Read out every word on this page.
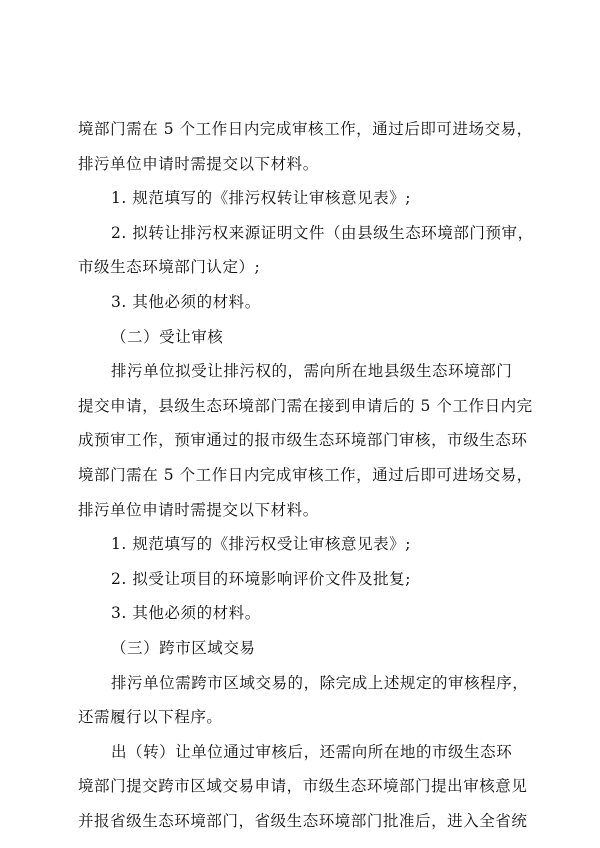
境部门需在 5 个工作日内完成审核工作，通过后即可进场交易，
排污单位申请时需提交以下材料。
1. 规范填写的《排污权转让审核意见表》;
2. 拟转让排污权来源证明文件（由县级生态环境部门预审，
市级生态环境部门认定）;
3. 其他必须的材料。
（二）受让审核
排污单位拟受让排污权的，需向所在地县级生态环境部门
提交申请，县级生态环境部门需在接到申请后的 5 个工作日内完
成预审工作，预审通过的报市级生态环境部门审核，市级生态环
境部门需在 5 个工作日内完成审核工作，通过后即可进场交易，
排污单位申请时需提交以下材料。
1. 规范填写的《排污权受让审核意见表》;
2. 拟受让项目的环境影响评价文件及批复;
3. 其他必须的材料。
（三）跨市区域交易
排污单位需跨市区域交易的，除完成上述规定的审核程序，
还需履行以下程序。
出（转）让单位通过审核后，还需向所在地的市级生态环
境部门提交跨市区域交易申请，市级生态环境部门提出审核意见
并报省级生态环境部门，省级生态环境部门批准后，进入全省统
